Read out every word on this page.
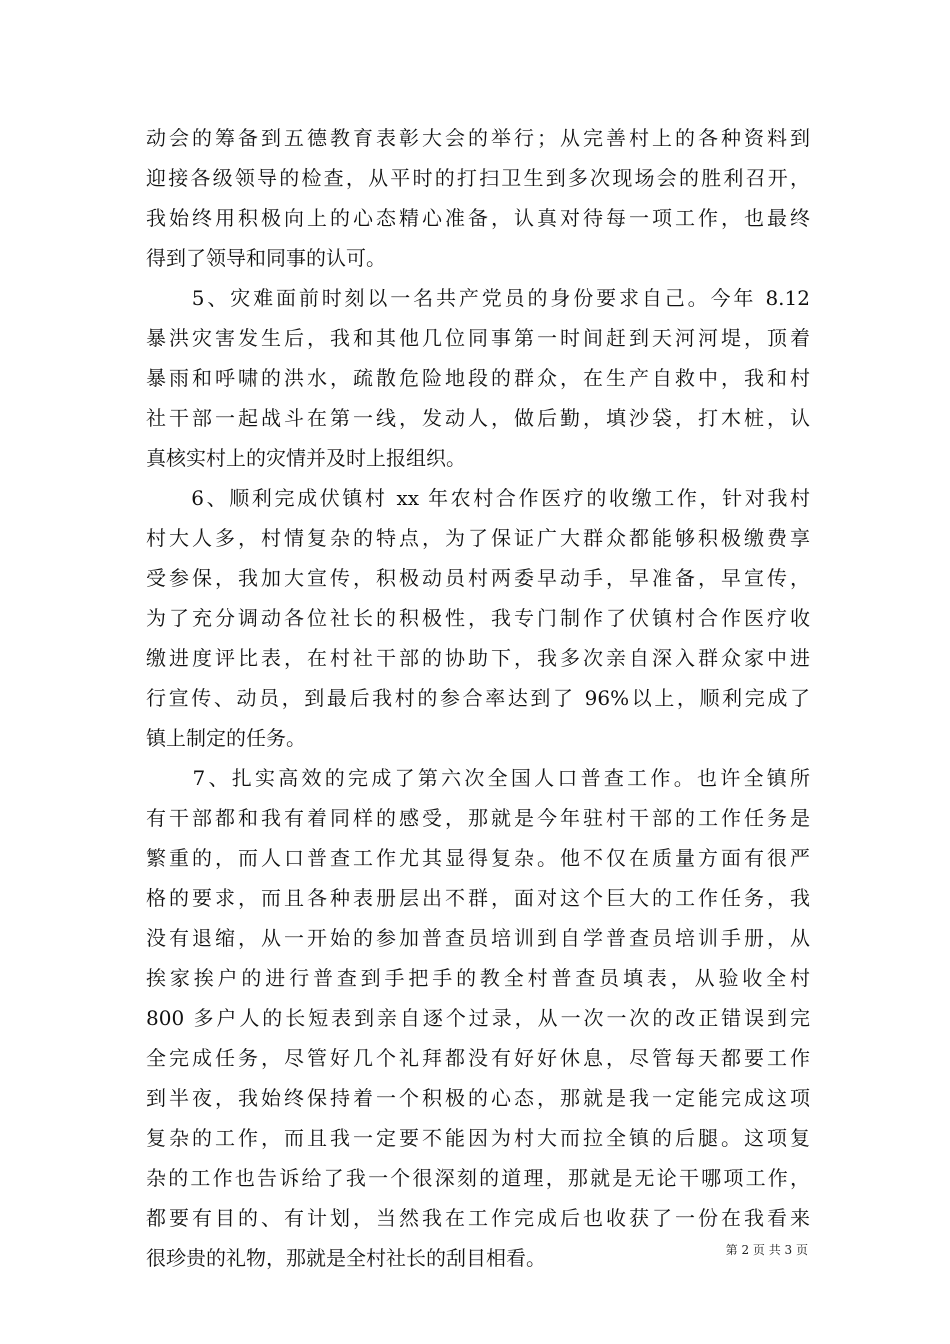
动会的筹备到五德教育表彰大会的举行；从完善村上的各种资料到
迎接各级领导的检查，从平时的打扫卫生到多次现场会的胜利召开，
我始终用积极向上的心态精心准备，认真对待每一项工作，也最终
得到了领导和同事的认可。
　　5、灾难面前时刻以一名共产党员的身份要求自己。今年 8.12
暴洪灾害发生后，我和其他几位同事第一时间赶到天河河堤，顶着
暴雨和呼啸的洪水，疏散危险地段的群众，在生产自救中，我和村
社干部一起战斗在第一线，发动人，做后勤，填沙袋，打木桩，认
真核实村上的灾情并及时上报组织。
　　6、顺利完成伏镇村 xx 年农村合作医疗的收缴工作，针对我村
村大人多，村情复杂的特点，为了保证广大群众都能够积极缴费享
受参保，我加大宣传，积极动员村两委早动手，早准备，早宣传，
为了充分调动各位社长的积极性，我专门制作了伏镇村合作医疗收
缴进度评比表，在村社干部的协助下，我多次亲自深入群众家中进
行宣传、动员，到最后我村的参合率达到了 96%以上，顺利完成了
镇上制定的任务。
　　7、扎实高效的完成了第六次全国人口普查工作。也许全镇所
有干部都和我有着同样的感受，那就是今年驻村干部的工作任务是
繁重的，而人口普查工作尤其显得复杂。他不仅在质量方面有很严
格的要求，而且各种表册层出不群，面对这个巨大的工作任务，我
没有退缩，从一开始的参加普查员培训到自学普查员培训手册，从
挨家挨户的进行普查到手把手的教全村普查员填表，从验收全村
800 多户人的长短表到亲自逐个过录，从一次一次的改正错误到完
全完成任务，尽管好几个礼拜都没有好好休息，尽管每天都要工作
到半夜，我始终保持着一个积极的心态，那就是我一定能完成这项
复杂的工作，而且我一定要不能因为村大而拉全镇的后腿。这项复
杂的工作也告诉给了我一个很深刻的道理，那就是无论干哪项工作，
都要有目的、有计划，当然我在工作完成后也收获了一份在我看来
很珍贵的礼物，那就是全村社长的刮目相看。	第 2 页 共 3 页
